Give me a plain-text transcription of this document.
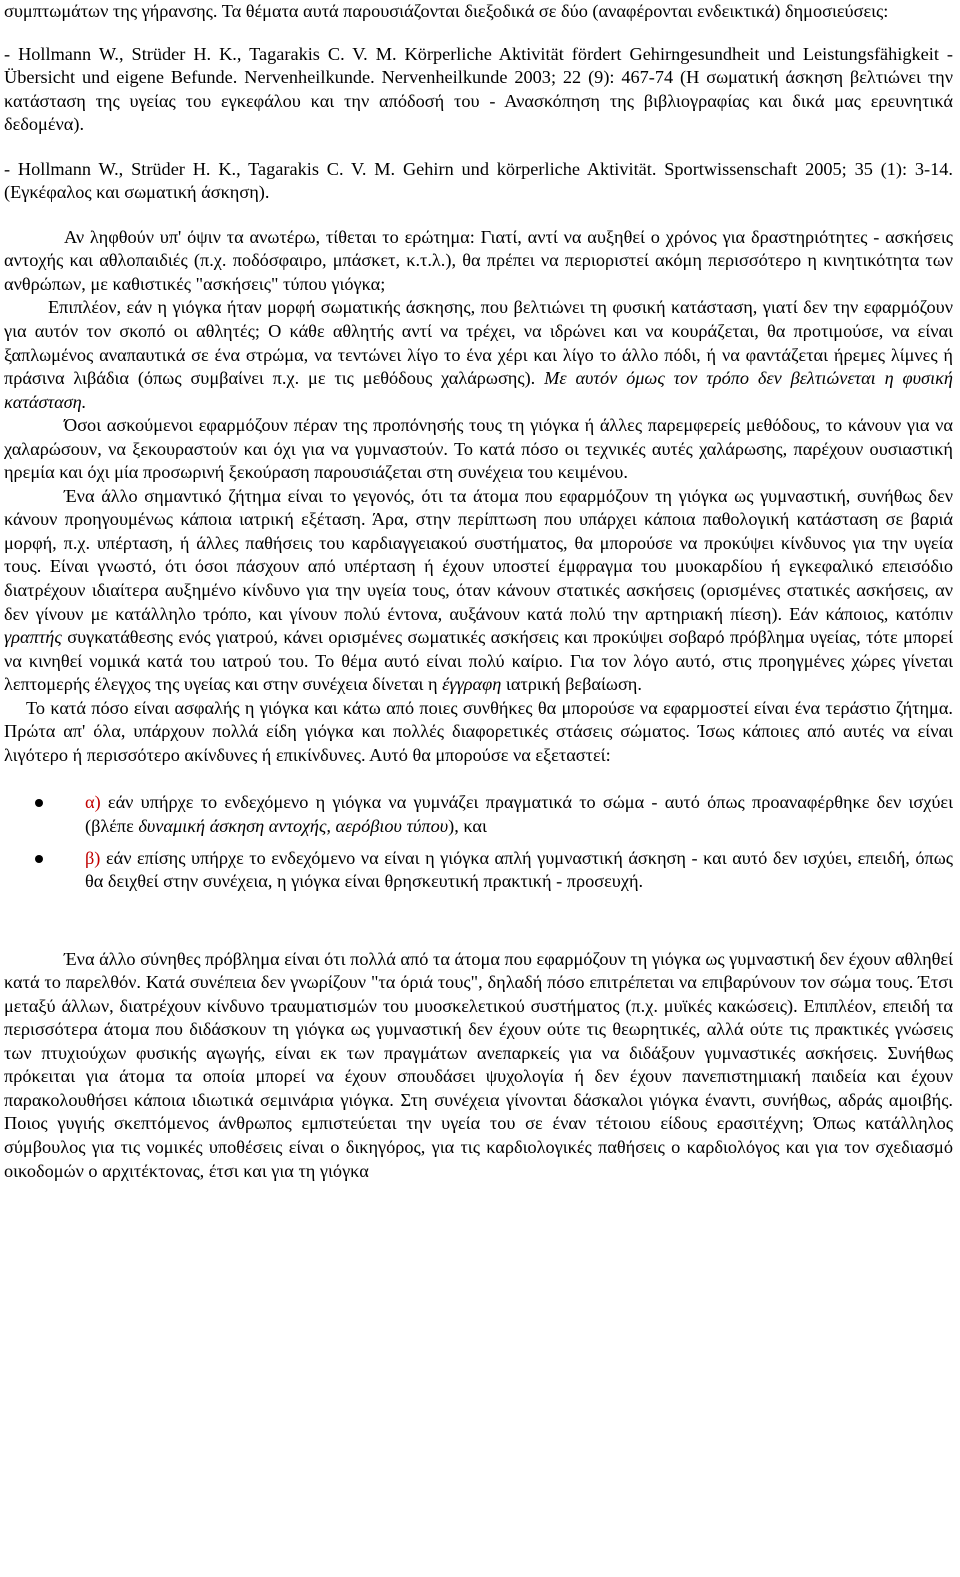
συμπτωμάτων της γήρανσης. Τα θέματα αυτά παρουσιάζονται διεξοδικά σε δύο (αναφέρονται ενδεικτικά) δημοσιεύσεις:

- Hollmann W., Strüder H. K., Tagarakis C. V. M. Körperliche Aktivität fördert Gehirngesundheit und Leistungsfähigkeit - Übersicht und eigene Befunde. Nervenheilkunde. Nervenheilkunde 2003; 22 (9): 467-74 (Η σωματική άσκηση βελτιώνει την κατάσταση της υγείας του εγκεφάλου και την απόδοσή του - Ανασκόπηση της βιβλιογραφίας και δικά μας ερευνητικά δεδομένα).

- Hollmann W., Strüder H. K., Tagarakis C. V. M. Gehirn und körperliche Aktivität. Sportwissenschaft 2005; 35 (1): 3-14. (Εγκέφαλος και σωματική άσκηση).

Αν ληφθούν υπ' όψιν τα ανωτέρω, τίθεται το ερώτημα: Γιατί, αντί να αυξηθεί ο χρόνος για δραστηριότητες - ασκήσεις αντοχής και αθλοπαιδιές (π.χ. ποδόσφαιρο, μπάσκετ, κ.τ.λ.), θα πρέπει να περιοριστεί ακόμη περισσότερο η κινητικότητα των ανθρώπων, με καθιστικές "ασκήσεις" τύπου γιόγκα;

Επιπλέον, εάν η γιόγκα ήταν μορφή σωματικής άσκησης, που βελτιώνει τη φυσική κατάσταση, γιατί δεν την εφαρμόζουν για αυτόν τον σκοπό οι αθλητές; Ο κάθε αθλητής αντί να τρέχει, να ιδρώνει και να κουράζεται, θα προτιμούσε, να είναι ξαπλωμένος αναπαυτικά σε ένα στρώμα, να τεντώνει λίγο το ένα χέρι και λίγο το άλλο πόδι, ή να φαντάζεται ήρεμες λίμνες ή πράσινα λιβάδια (όπως συμβαίνει π.χ. με τις μεθόδους χαλάρωσης). Με αυτόν όμως τον τρόπο δεν βελτιώνεται η φυσική κατάσταση.

Όσοι ασκούμενοι εφαρμόζουν πέραν της προπόνησής τους τη γιόγκα ή άλλες παρεμφερείς μεθόδους, το κάνουν για να χαλαρώσουν, να ξεκουραστούν και όχι για να γυμναστούν. Το κατά πόσο οι τεχνικές αυτές χαλάρωσης, παρέχουν ουσιαστική ηρεμία και όχι μία προσωρινή ξεκούραση παρουσιάζεται στη συνέχεια του κειμένου.

Ένα άλλο σημαντικό ζήτημα είναι το γεγονός, ότι τα άτομα που εφαρμόζουν τη γιόγκα ως γυμναστική, συνήθως δεν κάνουν προηγουμένως κάποια ιατρική εξέταση. Άρα, στην περίπτωση που υπάρχει κάποια παθολογική κατάσταση σε βαριά μορφή, π.χ. υπέρταση, ή άλλες παθήσεις του καρδιαγγειακού συστήματος, θα μπορούσε να προκύψει κίνδυνος για την υγεία τους. Είναι γνωστό, ότι όσοι πάσχουν από υπέρταση ή έχουν υποστεί έμφραγμα του μυοκαρδίου ή εγκεφαλικό επεισόδιο διατρέχουν ιδιαίτερα αυξημένο κίνδυνο για την υγεία τους, όταν κάνουν στατικές ασκήσεις (ορισμένες στατικές ασκήσεις, αν δεν γίνουν με κατάλληλο τρόπο, και γίνουν πολύ έντονα, αυξάνουν κατά πολύ την αρτηριακή πίεση). Εάν κάποιος, κατόπιν γραπτής συγκατάθεσης ενός γιατρού, κάνει ορισμένες σωματικές ασκήσεις και προκύψει σοβαρό πρόβλημα υγείας, τότε μπορεί να κινηθεί νομικά κατά του ιατρού του. Το θέμα αυτό είναι πολύ καίριο. Για τον λόγο αυτό, στις προηγμένες χώρες γίνεται λεπτομερής έλεγχος της υγείας και στην συνέχεια δίνεται η έγγραφη ιατρική βεβαίωση.

Το κατά πόσο είναι ασφαλής η γιόγκα και κάτω από ποιες συνθήκες θα μπορούσε να εφαρμοστεί είναι ένα τεράστιο ζήτημα. Πρώτα απ' όλα, υπάρχουν πολλά είδη γιόγκα και πολλές διαφορετικές στάσεις σώματος. Ίσως κάποιες από αυτές να είναι λιγότερο ή περισσότερο ακίνδυνες ή επικίνδυνες. Αυτό θα μπορούσε να εξεταστεί:

α) εάν υπήρχε το ενδεχόμενο η γιόγκα να γυμνάζει πραγματικά το σώμα - αυτό όπως προαναφέρθηκε δεν ισχύει (βλέπε δυναμική άσκηση αντοχής, αερόβιου τύπου), και
β) εάν επίσης υπήρχε το ενδεχόμενο να είναι η γιόγκα απλή γυμναστική άσκηση - και αυτό δεν ισχύει, επειδή, όπως θα δειχθεί στην συνέχεια, η γιόγκα είναι θρησκευτική πρακτική - προσευχή.

Ένα άλλο σύνηθες πρόβλημα είναι ότι πολλά από τα άτομα που εφαρμόζουν τη γιόγκα ως γυμναστική δεν έχουν αθληθεί κατά το παρελθόν. Κατά συνέπεια δεν γνωρίζουν "τα όριά τους", δηλαδή πόσο επιτρέπεται να επιβαρύνουν τον σώμα τους. Έτσι μεταξύ άλλων, διατρέχουν κίνδυνο τραυματισμών του μυοσκελετικού συστήματος (π.χ. μυϊκές κακώσεις). Επιπλέον, επειδή τα περισσότερα άτομα που διδάσκουν τη γιόγκα ως γυμναστική δεν έχουν ούτε τις θεωρητικές, αλλά ούτε τις πρακτικές γνώσεις των πτυχιούχων φυσικής αγωγής, είναι εκ των πραγμάτων ανεπαρκείς για να διδάξουν γυμναστικές ασκήσεις. Συνήθως πρόκειται για άτομα τα οποία μπορεί να έχουν σπουδάσει ψυχολογία ή δεν έχουν πανεπιστημιακή παιδεία και έχουν παρακολουθήσει κάποια ιδιωτικά σεμινάρια γιόγκα. Στη συνέχεια γίνονται δάσκαλοι γιόγκα έναντι, συνήθως, αδράς αμοιβής. Ποιος γυγιής σκεπτόμενος άνθρωπος εμπιστεύεται την υγεία του σε έναν τέτοιου είδους ερασιτέχνη; Όπως κατάλληλος σύμβουλος για τις νομικές υποθέσεις είναι ο δικηγόρος, για τις καρδιολογικές παθήσεις ο καρδιολόγος και για τον σχεδιασμό οικοδομών ο αρχιτέκτονας, έτσι και για τη γιόγκα
